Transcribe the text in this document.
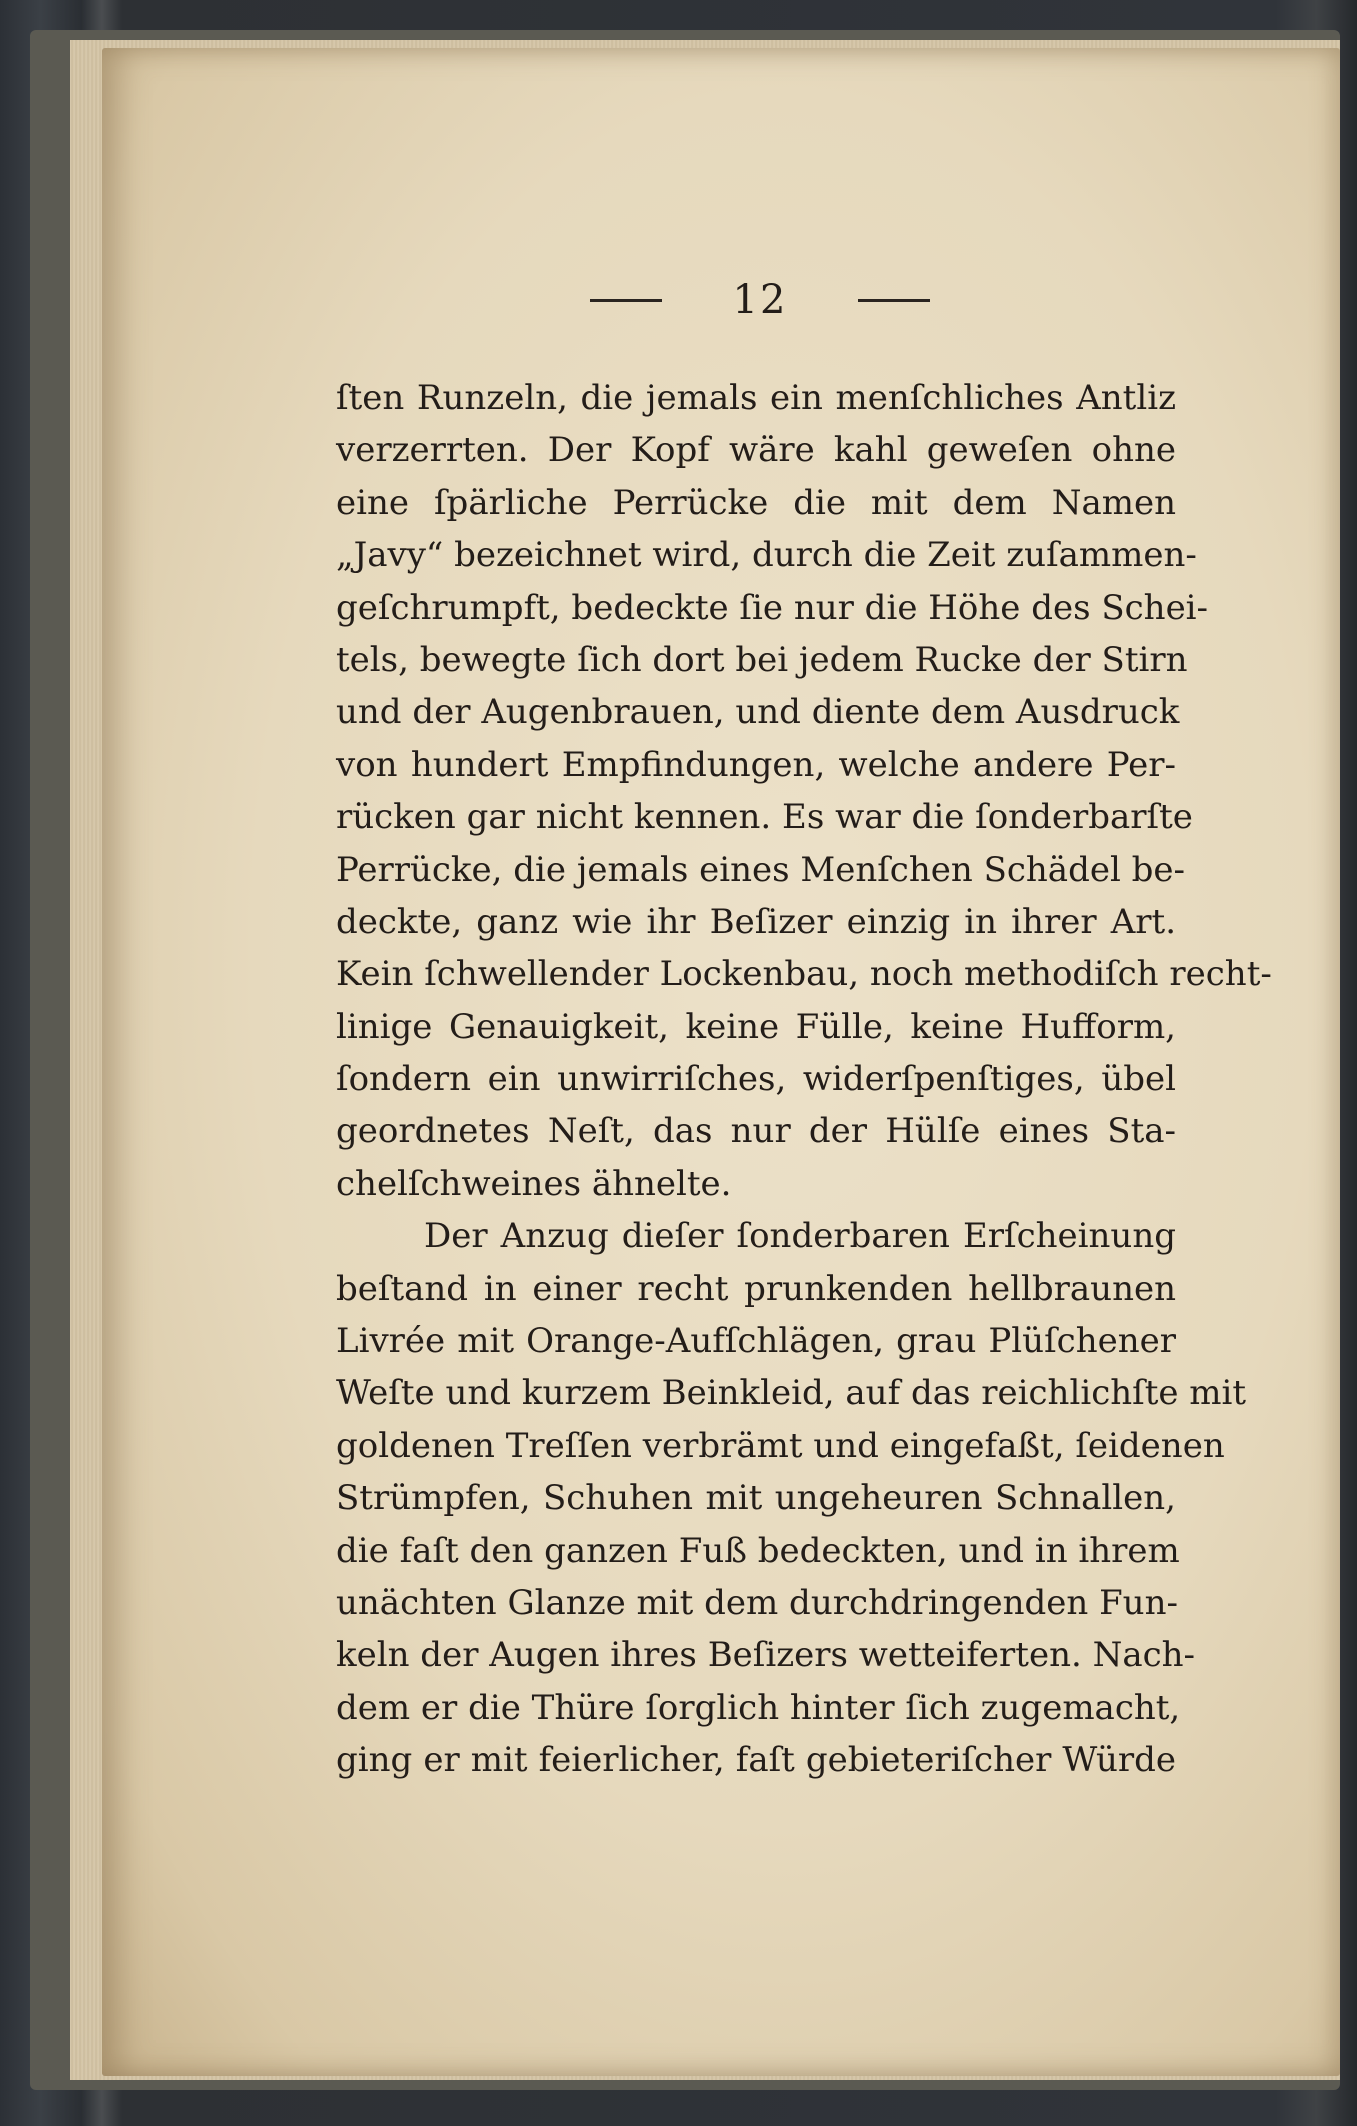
12
ſten Runzeln, die jemals ein menſchliches Antliz
verzerrten. Der Kopf wäre kahl geweſen ohne
eine ſpärliche Perrücke die mit dem Namen
„Javy“ bezeichnet wird, durch die Zeit zuſammen-
geſchrumpft, bedeckte ſie nur die Höhe des Schei-
tels, bewegte ſich dort bei jedem Rucke der Stirn
und der Augenbrauen, und diente dem Ausdruck
von hundert Empfindungen, welche andere Per-
rücken gar nicht kennen. Es war die ſonderbarſte
Perrücke, die jemals eines Menſchen Schädel be-
deckte, ganz wie ihr Beſizer einzig in ihrer Art.
Kein ſchwellender Lockenbau, noch methodiſch recht-
linige Genauigkeit, keine Fülle, keine Hufform,
ſondern ein unwirriſches, widerſpenſtiges, übel
geordnetes Neſt, das nur der Hülſe eines Sta-
chelſchweines ähnelte.
Der Anzug dieſer ſonderbaren Erſcheinung
beſtand in einer recht prunkenden hellbraunen
Livrée mit Orange-Aufſchlägen, grau Plüſchener
Weſte und kurzem Beinkleid, auf das reichlichſte mit
goldenen Treſſen verbrämt und eingefaßt, ſeidenen
Strümpfen, Schuhen mit ungeheuren Schnallen,
die faſt den ganzen Fuß bedeckten, und in ihrem
unächten Glanze mit dem durchdringenden Fun-
keln der Augen ihres Beſizers wetteiferten. Nach-
dem er die Thüre ſorglich hinter ſich zugemacht,
ging er mit feierlicher, faſt gebieteriſcher Würde
